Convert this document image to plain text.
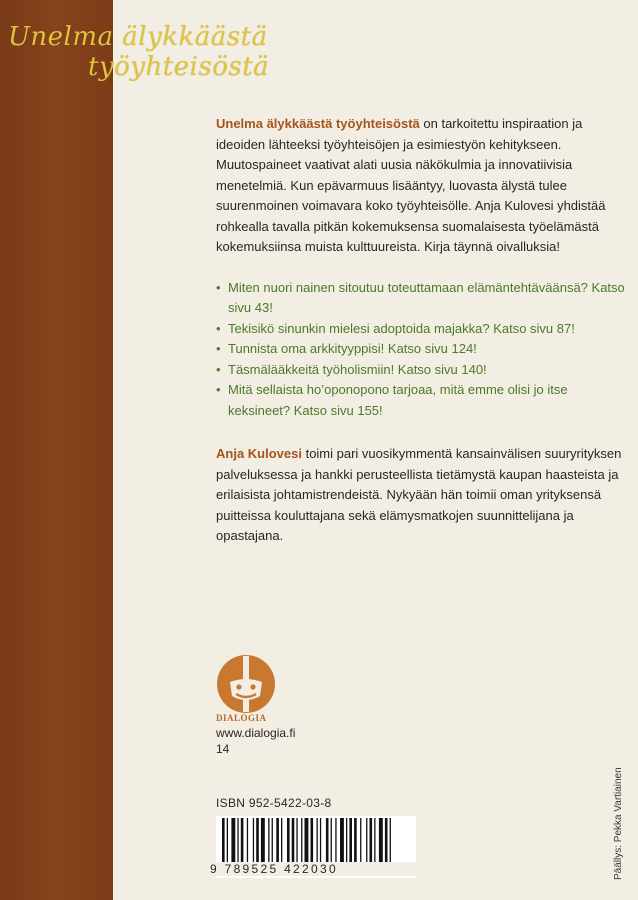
Unelma älykkäästä
työyhteisöstä

Unelma älykkäästä työyhteisöstä on tarkoitettu inspiraation ja ideoiden lähteeksi työyhteisöjen ja esimiestyön kehitykseen. Muutospaineet vaativat alati uusia näkökulmia ja innovatiivisia menetelmiä. Kun epävarmuus lisääntyy, luovasta älystä tulee suurenmoinen voimavara koko työyhteisölle. Anja Kulovesi yhdistää rohkealla tavalla pitkän kokemuksensa suomalaisesta työelämästä kokemuksiinsa muista kulttuureista. Kirja täynnä oivalluksia!

• Miten nuori nainen sitoutuu toteuttamaan elämäntehtäväänsä? Katso sivu 43!
• Tekisikö sinunkin mielesi adoptoida majakka? Katso sivu 87!
• Tunnista oma arkkityyppisi! Katso sivu 124!
• Täsmälääkkeitä työholismiin! Katso sivu 140!
• Mitä sellaista ho’oponopono tarjoaa, mitä emme olisi jo itse keksineet? Katso sivu 155!

Anja Kulovesi toimi pari vuosikymmentä kansainvälisen suuryrityksen palveluksessa ja hankki perusteellista tietämystä kaupan haasteista ja erilaisista johtamistrendeistä. Nykyään hän toimii oman yrityksensä puitteissa kouluttajana sekä elämysmatkojen suunnittelijana ja opastajana.

DIALOGIA
www.dialogia.fi
14
ISBN 952-5422-03-8
9 789525 422030	Päällys: Pekka Vartiainen
